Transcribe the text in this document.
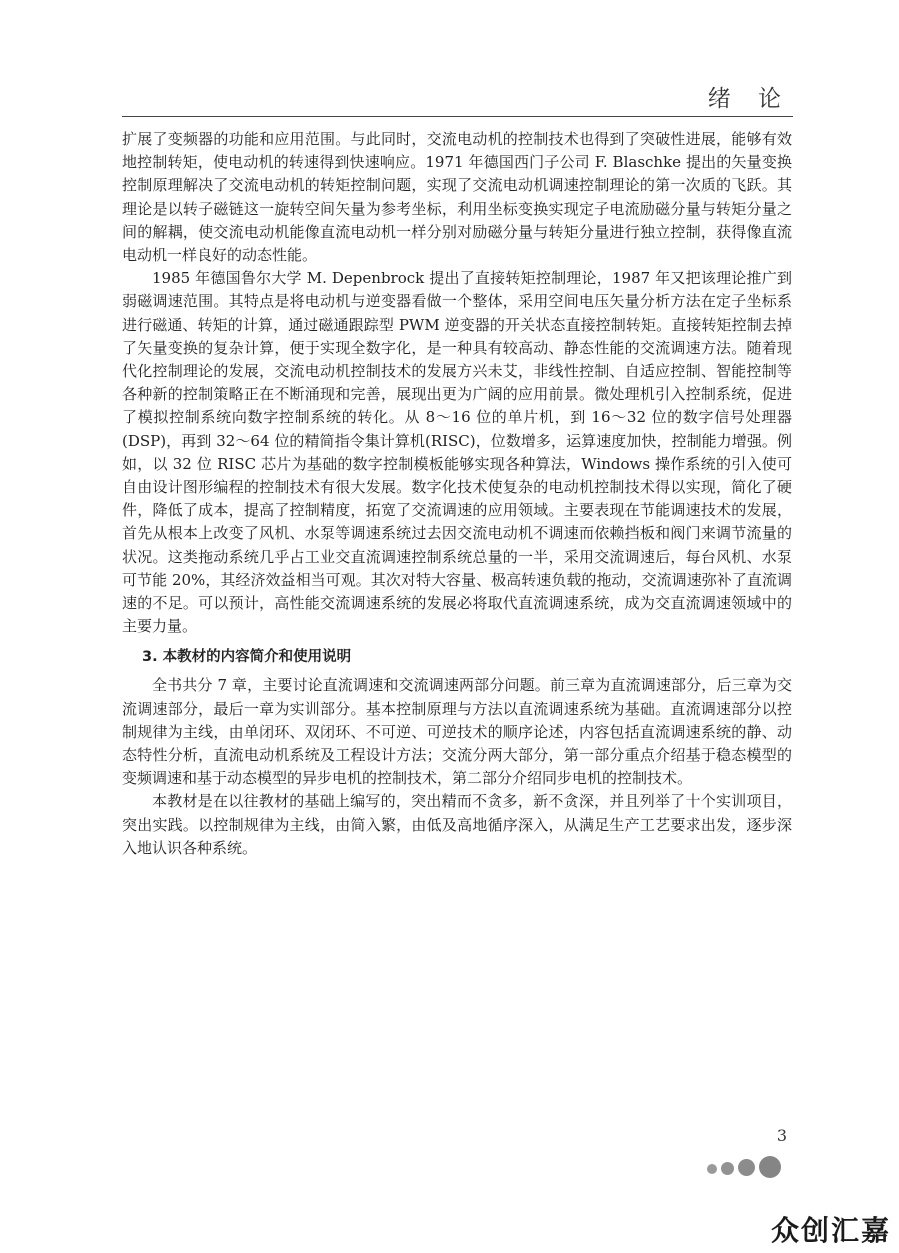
绪 论

扩展了变频器的功能和应用范围。与此同时，交流电动机的控制技术也得到了突破性进展，能够有效地控制转矩，使电动机的转速得到快速响应。1971 年德国西门子公司 F. Blaschke 提出的矢量变换控制原理解决了交流电动机的转矩控制问题，实现了交流电动机调速控制理论的第一次质的飞跃。其理论是以转子磁链这一旋转空间矢量为参考坐标，利用坐标变换实现定子电流励磁分量与转矩分量之间的解耦，使交流电动机能像直流电动机一样分别对励磁分量与转矩分量进行独立控制，获得像直流电动机一样良好的动态性能。

1985 年德国鲁尔大学 M. Depenbrock 提出了直接转矩控制理论，1987 年又把该理论推广到弱磁调速范围。其特点是将电动机与逆变器看做一个整体，采用空间电压矢量分析方法在定子坐标系进行磁通、转矩的计算，通过磁通跟踪型 PWM 逆变器的开关状态直接控制转矩。直接转矩控制去掉了矢量变换的复杂计算，便于实现全数字化，是一种具有较高动、静态性能的交流调速方法。随着现代化控制理论的发展，交流电动机控制技术的发展方兴未艾，非线性控制、自适应控制、智能控制等各种新的控制策略正在不断涌现和完善，展现出更为广阔的应用前景。微处理机引入控制系统，促进了模拟控制系统向数字控制系统的转化。从 8～16 位的单片机，到 16～32 位的数字信号处理器(DSP)，再到 32～64 位的精简指令集计算机(RISC)，位数增多，运算速度加快，控制能力增强。例如，以 32 位 RISC 芯片为基础的数字控制模板能够实现各种算法，Windows 操作系统的引入使可自由设计图形编程的控制技术有很大发展。数字化技术使复杂的电动机控制技术得以实现，简化了硬件，降低了成本，提高了控制精度，拓宽了交流调速的应用领域。主要表现在节能调速技术的发展，首先从根本上改变了风机、水泵等调速系统过去因交流电动机不调速而依赖挡板和阀门来调节流量的状况。这类拖动系统几乎占工业交直流调速控制系统总量的一半，采用交流调速后，每台风机、水泵可节能 20%，其经济效益相当可观。其次对特大容量、极高转速负载的拖动，交流调速弥补了直流调速的不足。可以预计，高性能交流调速系统的发展必将取代直流调速系统，成为交直流调速领域中的主要力量。

3. 本教材的内容简介和使用说明

全书共分 7 章，主要讨论直流调速和交流调速两部分问题。前三章为直流调速部分，后三章为交流调速部分，最后一章为实训部分。基本控制原理与方法以直流调速系统为基础。直流调速部分以控制规律为主线，由单闭环、双闭环、不可逆、可逆技术的顺序论述，内容包括直流调速系统的静、动态特性分析，直流电动机系统及工程设计方法；交流分两大部分，第一部分重点介绍基于稳态模型的变频调速和基于动态模型的异步电机的控制技术，第二部分介绍同步电机的控制技术。

本教材是在以往教材的基础上编写的，突出精而不贪多，新不贪深，并且列举了十个实训项目，突出实践。以控制规律为主线，由简入繁，由低及高地循序深入，从满足生产工艺要求出发，逐步深入地认识各种系统。

3
众创汇嘉
